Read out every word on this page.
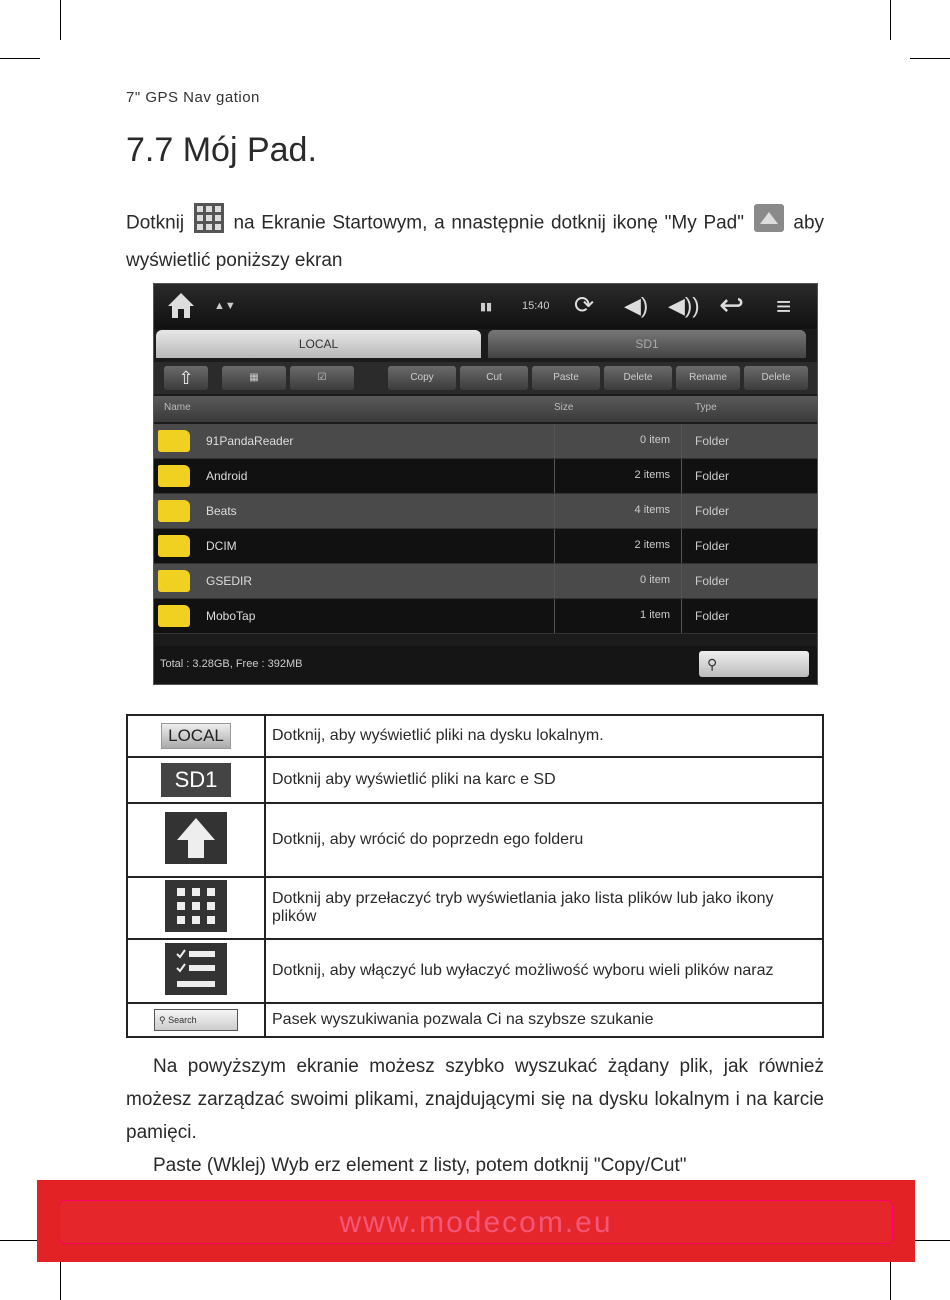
7" GPS Nav gation
7.7 Mój Pad.
Dotknij	na Ekranie Startowym, a nnastępnie dotknij ikonę "My Pad"	aby wyświetlić poniższy ekran
▲▼	▮▮	15:40 ⟳ ◀) ◀)) ↩ ≡
LOCAL	SD1
⇧	▦	☑	Copy	Cut	Paste	Delete	Rename	Delete
Name	Size	Type
91PandaReader	0 item Folder
Android	2 items Folder
Beats	4 items Folder
DCIM	2 items Folder
GSEDIR	0 item Folder
MoboTap	1 item Folder
Total : 3.28GB, Free : 392MB	⚲
LOCAL	Dotknij, aby wyświetlić pliki na dysku lokalnym.
SD1	Dotknij aby wyświetlić pliki na karc e SD
	Dotknij, aby wrócić do poprzedn ego folderu
	Dotknij aby przełaczyć tryb wyświetlania jako lista plików lub jako ikony plików
	Dotknij, aby włączyć lub wyłaczyć możliwość wyboru wieli plików naraz
⚲ Search	Pasek wyszukiwania pozwala Ci na szybsze szukanie
Na powyższym ekranie możesz szybko wyszukać żądany plik, jak również możesz zarządzać swoimi plikami, znajdującymi się na dysku lokalnym i na karcie pamięci.
Paste (Wklej) Wyb erz element z listy, potem dotknij "Copy/Cut"
www.modecom.eu
